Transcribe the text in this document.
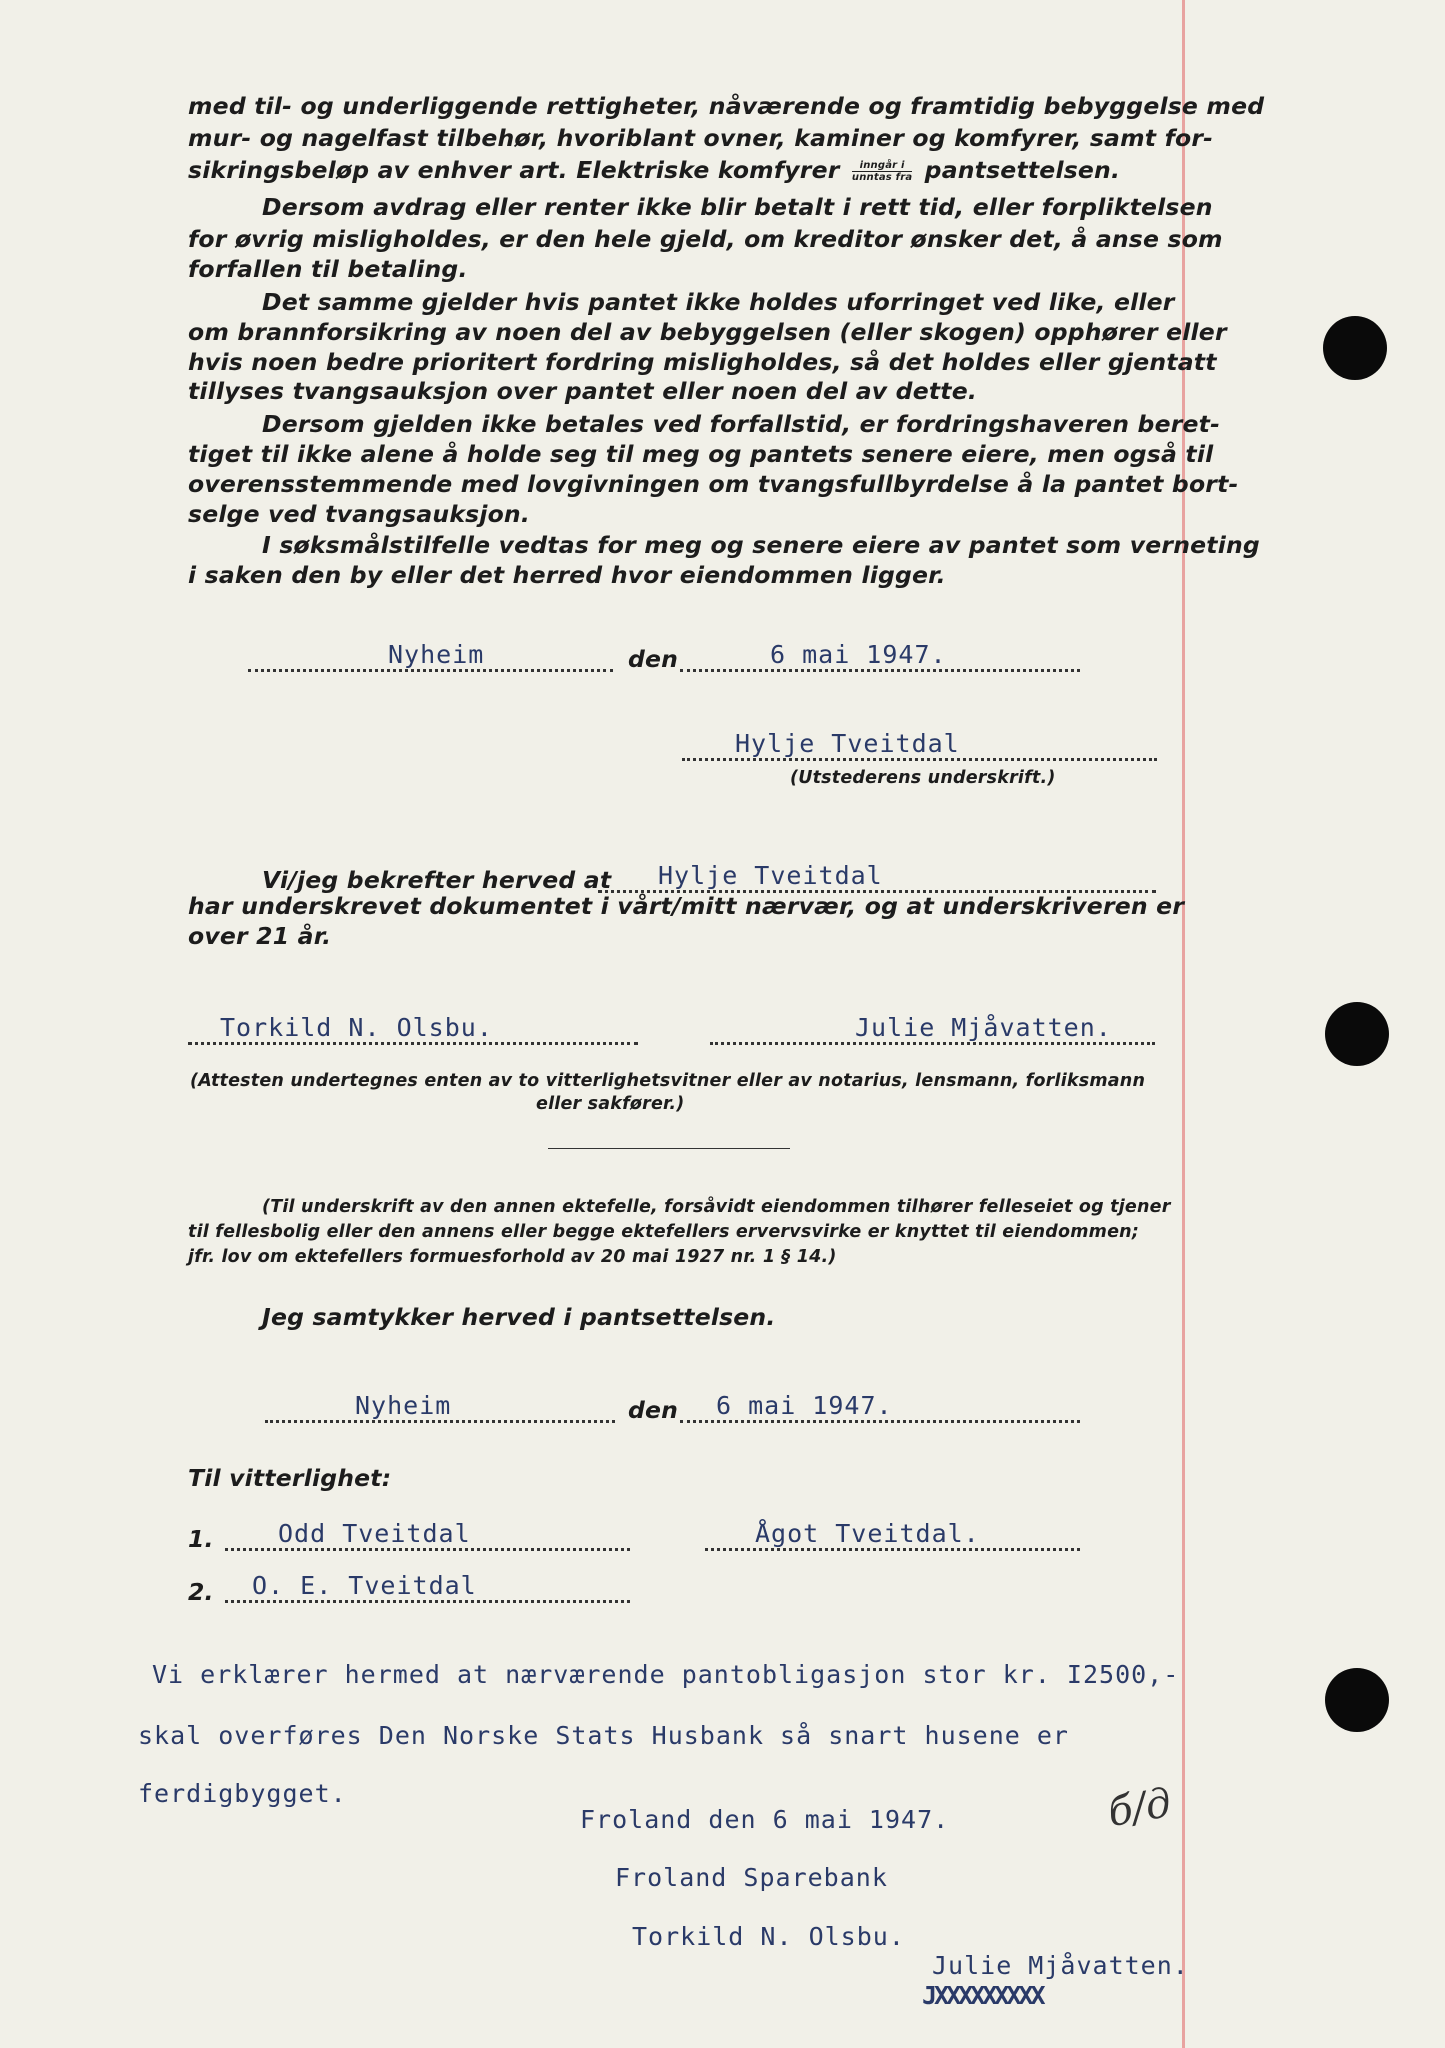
med til- og underliggende rettigheter, nåværende og framtidig bebyggelse med
mur- og nagelfast tilbehør, hvoriblant ovner, kaminer og komfyrer, samt for-
sikringsbeløp av enhver art. Elektriske komfyrer $\frac{\text{inngår i}}{\text{unntas fra}}$ pantsettelsen.
Dersom avdrag eller renter ikke blir betalt i rett tid, eller forpliktelsen
for øvrig misligholdes, er den hele gjeld, om kreditor ønsker det, å anse som
forfallen til betaling.
Det samme gjelder hvis pantet ikke holdes uforringet ved like, eller
om brannforsikring av noen del av bebyggelsen (eller skogen) opphører eller
hvis noen bedre prioritert fordring misligholdes, så det holdes eller gjentatt
tillyses tvangsauksjon over pantet eller noen del av dette.
Dersom gjelden ikke betales ved forfallstid, er fordringshaveren beret-
tiget til ikke alene å holde seg til meg og pantets senere eiere, men også til
overensstemmende med lovgivningen om tvangsfullbyrdelse å la pantet bort-
selge ved tvangsauksjon.
I søksmålstilfelle vedtas for meg og senere eiere av pantet som verneting
i saken den by eller det herred hvor eiendommen ligger.
Nyheim	den	6 mai 1947.
Hylje Tveitdal
(Utstederens underskrift.)
Vi/jeg bekrefter herved at Hylje Tveitdal
har underskrevet dokumentet i vårt/mitt nærvær, og at underskriveren er
over 21 år.
Torkild N. Olsbu.	Julie Mjåvatten.
(Attesten undertegnes enten av to vitterlighetsvitner eller av notarius, lensmann, forliksmann
eller sakfører.)
(Til underskrift av den annen ektefelle, forsåvidt eiendommen tilhører felleseiet og tjener
til fellesbolig eller den annens eller begge ektefellers ervervsvirke er knyttet til eiendommen;
jfr. lov om ektefellers formuesforhold av 20 mai 1927 nr. 1 § 14.)
Jeg samtykker herved i pantsettelsen.
Nyheim	den 6 mai 1947.
Til vitterlighet:
1.	Odd Tveitdal	Ågot Tveitdal.
2. O. E. Tveitdal
Vi erklærer hermed at nærværende pantobligasjon stor kr. I2500,-
skal overføres Den Norske Stats Husbank så snart husene er
ferdigbygget.
Froland den 6 mai 1947.
Froland Sparebank
Torkild N. Olsbu.
Julie Mjåvatten.
JXXXXXXXXX
б/д
